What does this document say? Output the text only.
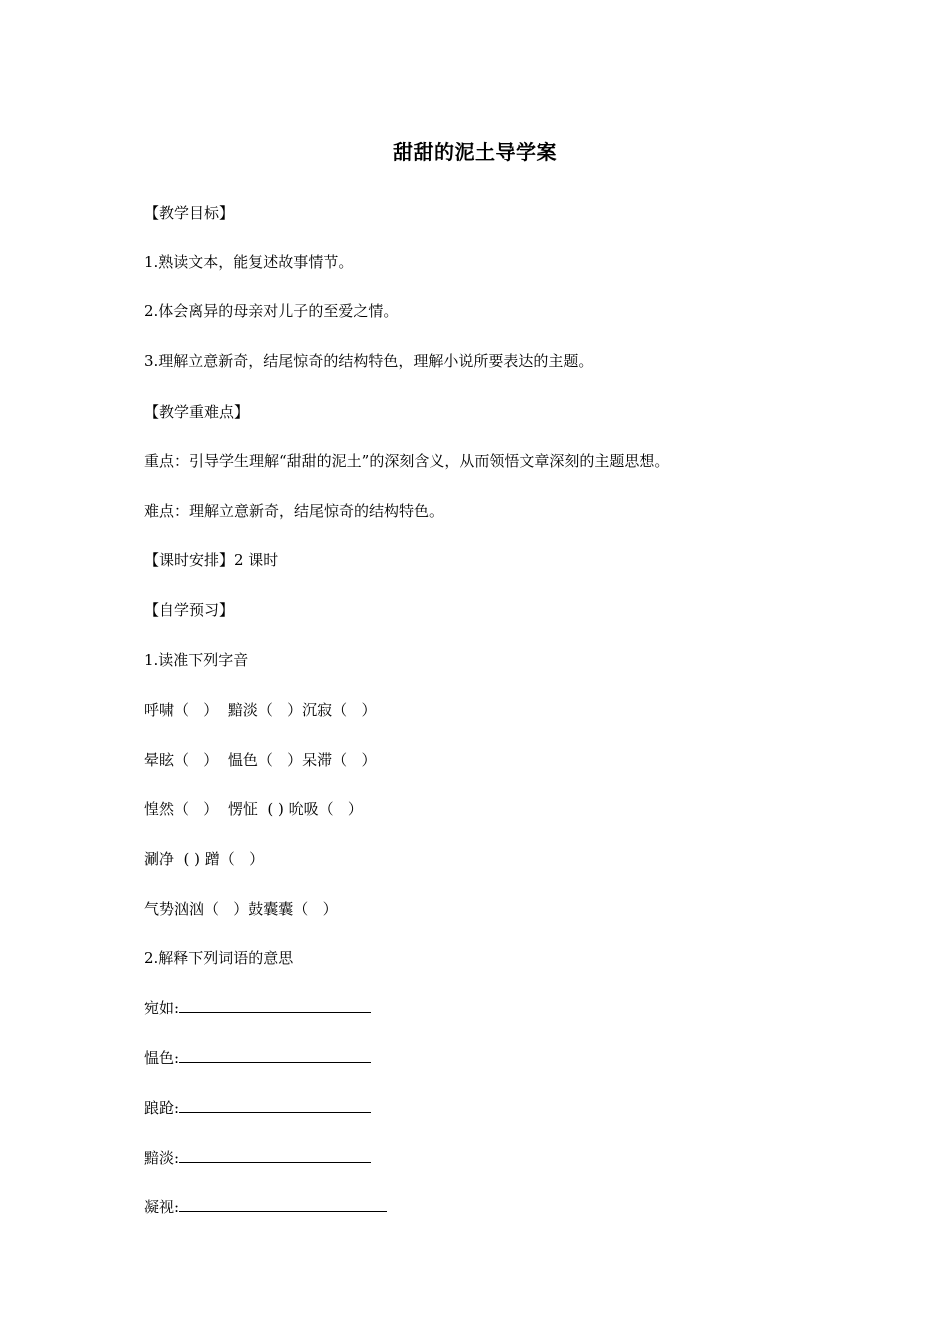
甜甜的泥土导学案
【教学目标】
1.熟读文本，能复述故事情节。
2.体会离异的母亲对儿子的至爱之情。
3.理解立意新奇，结尾惊奇的结构特色，理解小说所要表达的主题。
【教学重难点】
重点：引导学生理解“甜甜的泥土”的深刻含义，从而领悟文章深刻的主题思想。
难点：理解立意新奇，结尾惊奇的结构特色。
【课时安排】2 课时
【自学预习】
1.读准下列字音
呼啸（   ）  黯淡（   ）沉寂（   ）
晕眩（   ）  愠色（   ）呆滞（   ）
惶然（   ）  愣怔  ( ) 吮吸（   ）
涮净  ( ) 蹭（   ）
气势汹汹（   ）鼓囊囊（   ）
2.解释下列词语的意思
宛如:
愠色:
踉跄:
黯淡:
凝视:
